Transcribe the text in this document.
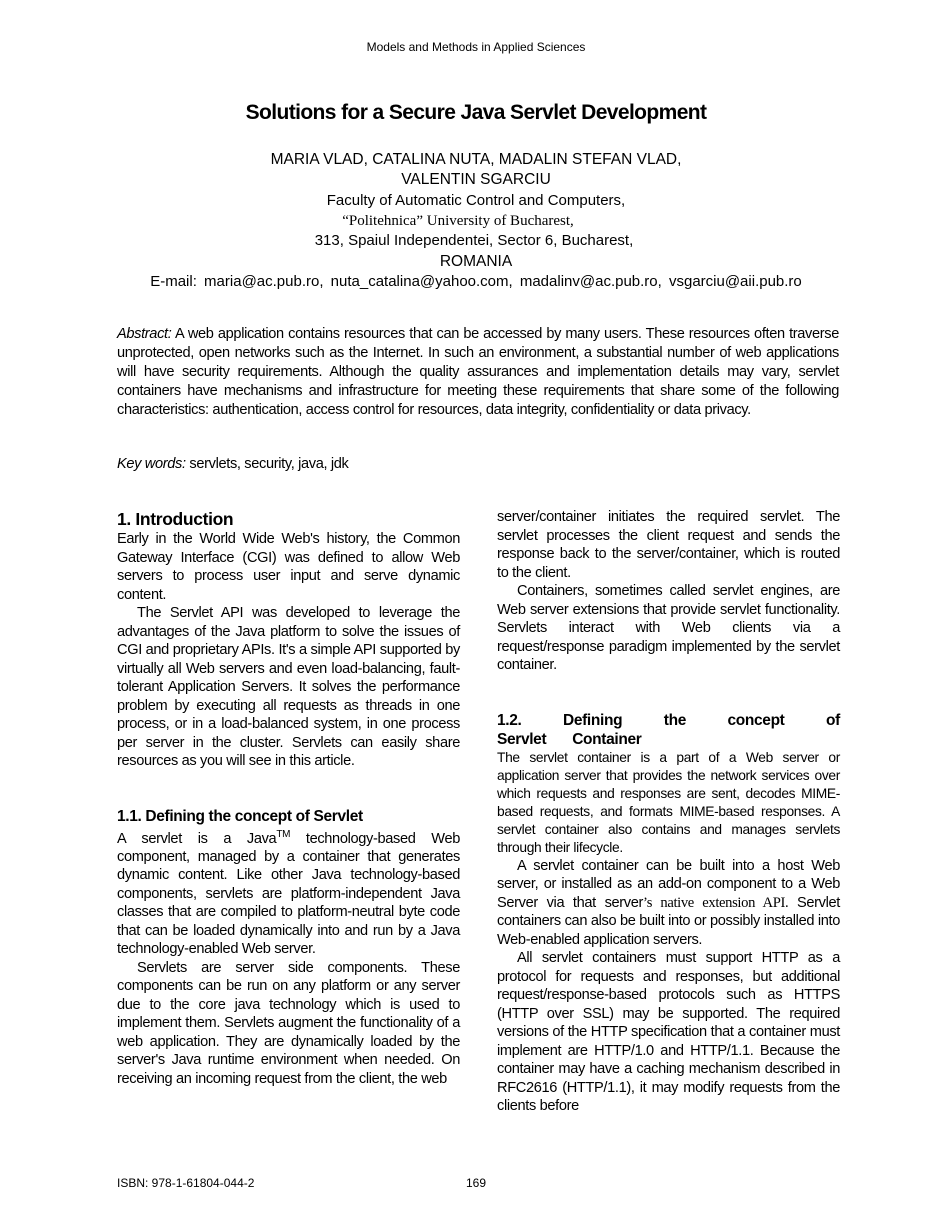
Models and Methods in Applied Sciences
Solutions for a Secure Java Servlet Development
MARIA VLAD, CATALINA NUTA, MADALIN STEFAN VLAD,
VALENTIN SGARCIU
Faculty of Automatic Control and Computers,
“Politehnica” University of Bucharest,
313, Spaiul Independentei, Sector 6, Bucharest,
ROMANIA
E-mail: maria@ac.pub.ro, nuta_catalina@yahoo.com, madalinv@ac.pub.ro, vsgarciu@aii.pub.ro
Abstract: A web application contains resources that can be accessed by many users. These resources often traverse unprotected, open networks such as the Internet. In such an environment, a substantial number of web applications will have security requirements. Although the quality assurances and implementation details may vary, servlet containers have mechanisms and infrastructure for meeting these requirements that share some of the following characteristics: authentication, access control for resources, data integrity, confidentiality or data privacy.
Key words: servlets, security, java, jdk
1. Introduction

Early in the World Wide Web's history, the Common Gateway Interface (CGI) was defined to allow Web servers to process user input and serve dynamic content.

The Servlet API was developed to leverage the advantages of the Java platform to solve the issues of CGI and proprietary APIs. It's a simple API supported by virtually all Web servers and even load-balancing, fault-tolerant Application Servers. It solves the performance problem by executing all requests as threads in one process, or in a load-balanced system, in one process per server in the cluster. Servlets can easily share resources as you will see in this article.

1.1. Defining the concept of Servlet

A servlet is a Java™ technology-based Web component, managed by a container that generates dynamic content. Like other Java technology-based components, servlets are platform-independent Java classes that are compiled to platform-neutral byte code that can be loaded dynamically into and run by a Java technology-enabled Web server.

Servlets are server side components. These components can be run on any platform or any server due to the core java technology which is used to implement them. Servlets augment the functionality of a web application. They are dynamically loaded by the server's Java runtime environment when needed. On receiving an incoming request from the client, the web

server/container initiates the required servlet. The servlet processes the client request and sends the response back to the server/container, which is routed to the client.

Containers, sometimes called servlet engines, are Web server extensions that provide servlet functionality. Servlets interact with Web clients via a request/response paradigm implemented by the servlet container.

1.2. Defining the concept of Servlet Container

The servlet container is a part of a Web server or application server that provides the network services over which requests and responses are sent, decodes MIME-based requests, and formats MIME-based responses. A servlet container also contains and manages servlets through their lifecycle.

A servlet container can be built into a host Web server, or installed as an add-on component to a Web Server via that server’s native extension API. Servlet containers can also be built into or possibly installed into Web-enabled application servers.

All servlet containers must support HTTP as a protocol for requests and responses, but additional request/response-based protocols such as HTTPS (HTTP over SSL) may be supported. The required versions of the HTTP specification that a container must implement are HTTP/1.0 and HTTP/1.1. Because the container may have a caching mechanism described in RFC2616 (HTTP/1.1), it may modify requests from the clients before

ISBN: 978-1-61804-044-2	169
